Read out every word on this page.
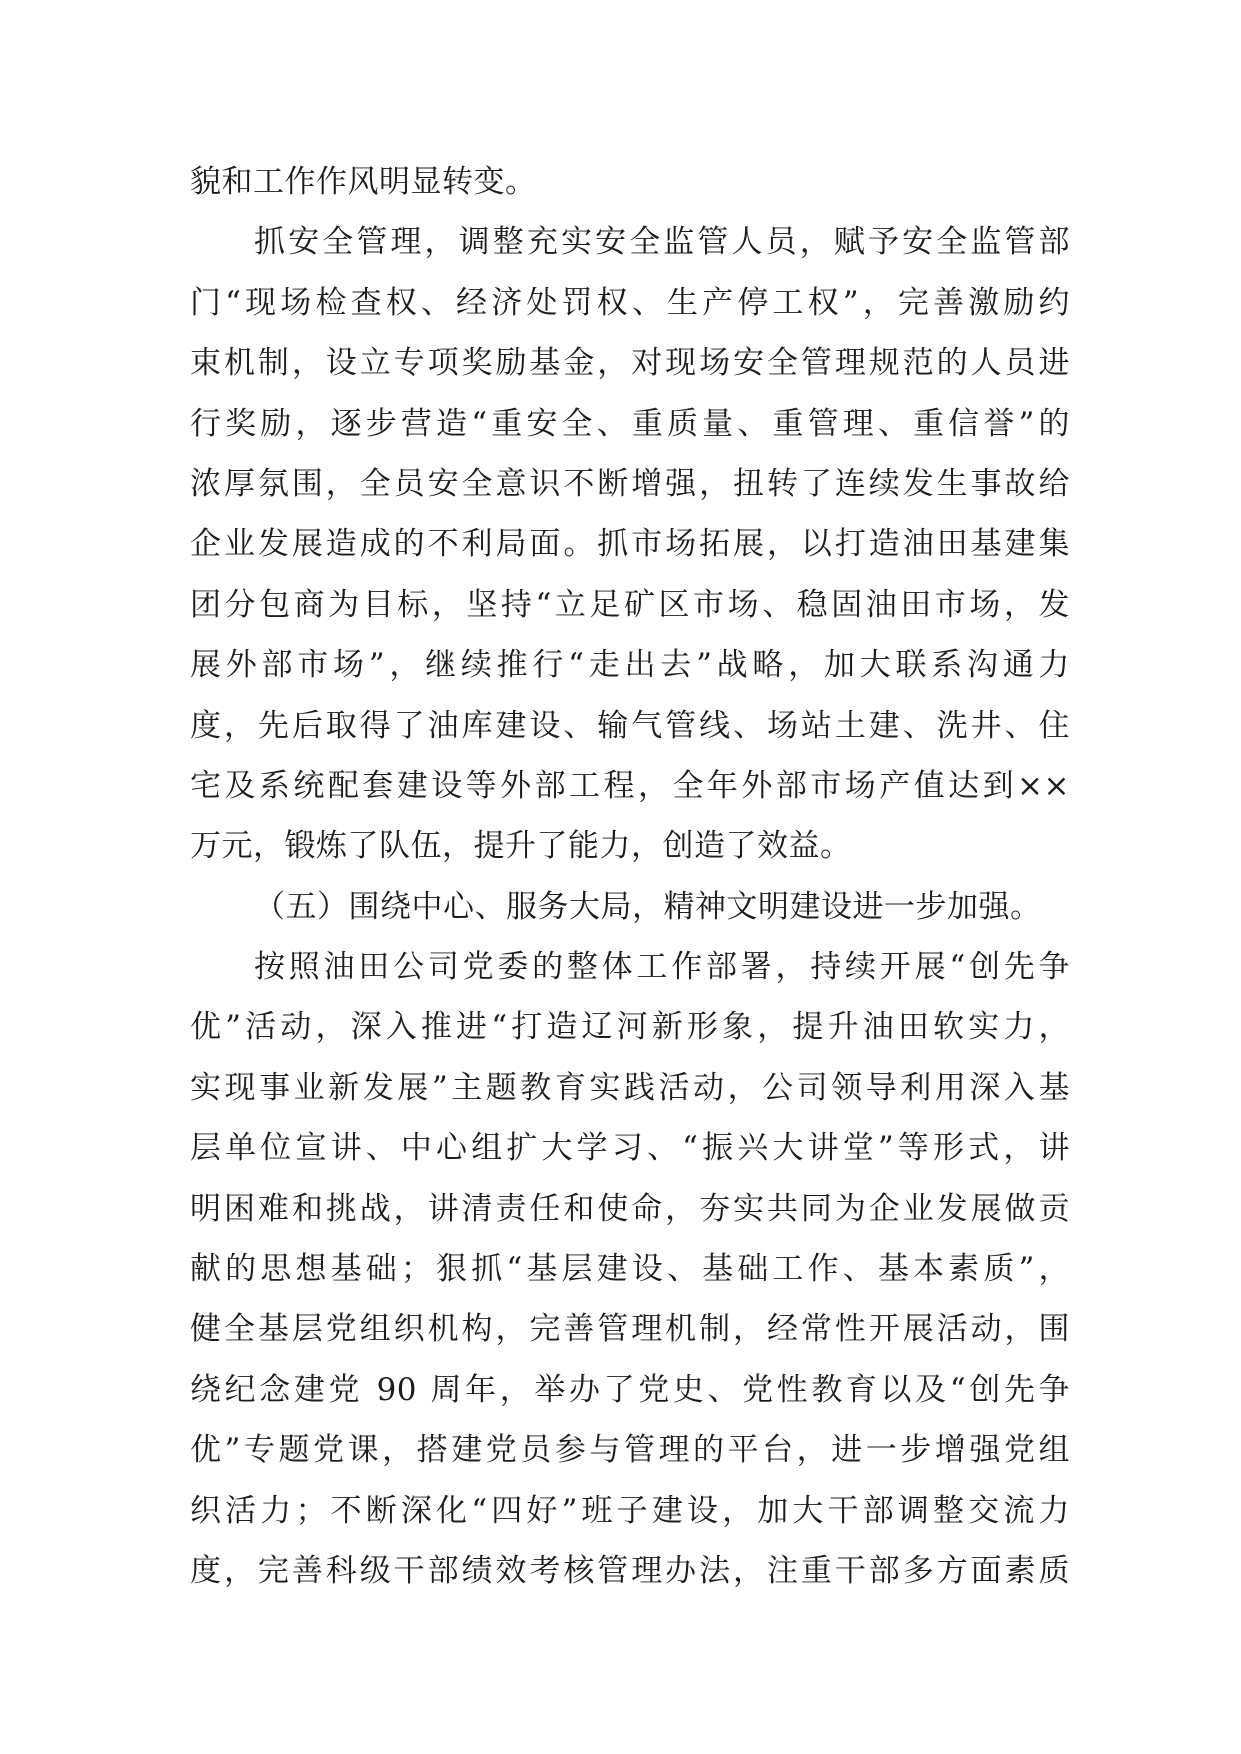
貌和工作作风明显转变。
抓安全管理，调整充实安全监管人员，赋予安全监管部
门“现场检查权、经济处罚权、生产停工权”，完善激励约
束机制，设立专项奖励基金，对现场安全管理规范的人员进
行奖励，逐步营造“重安全、重质量、重管理、重信誉”的
浓厚氛围，全员安全意识不断增强，扭转了连续发生事故给
企业发展造成的不利局面。抓市场拓展，以打造油田基建集
团分包商为目标，坚持“立足矿区市场、稳固油田市场，发
展外部市场”，继续推行“走出去”战略，加大联系沟通力
度，先后取得了油库建设、输气管线、场站土建、洗井、住
宅及系统配套建设等外部工程，全年外部市场产值达到××
万元，锻炼了队伍，提升了能力，创造了效益。
（五）围绕中心、服务大局，精神文明建设进一步加强。
按照油田公司党委的整体工作部署，持续开展“创先争
优”活动，深入推进“打造辽河新形象，提升油田软实力，
实现事业新发展”主题教育实践活动，公司领导利用深入基
层单位宣讲、中心组扩大学习、“振兴大讲堂”等形式，讲
明困难和挑战，讲清责任和使命，夯实共同为企业发展做贡
献的思想基础；狠抓“基层建设、基础工作、基本素质”，
健全基层党组织机构，完善管理机制，经常性开展活动，围
绕纪念建党 90 周年，举办了党史、党性教育以及“创先争
优”专题党课，搭建党员参与管理的平台，进一步增强党组
织活力；不断深化“四好”班子建设，加大干部调整交流力
度，完善科级干部绩效考核管理办法，注重干部多方面素质
